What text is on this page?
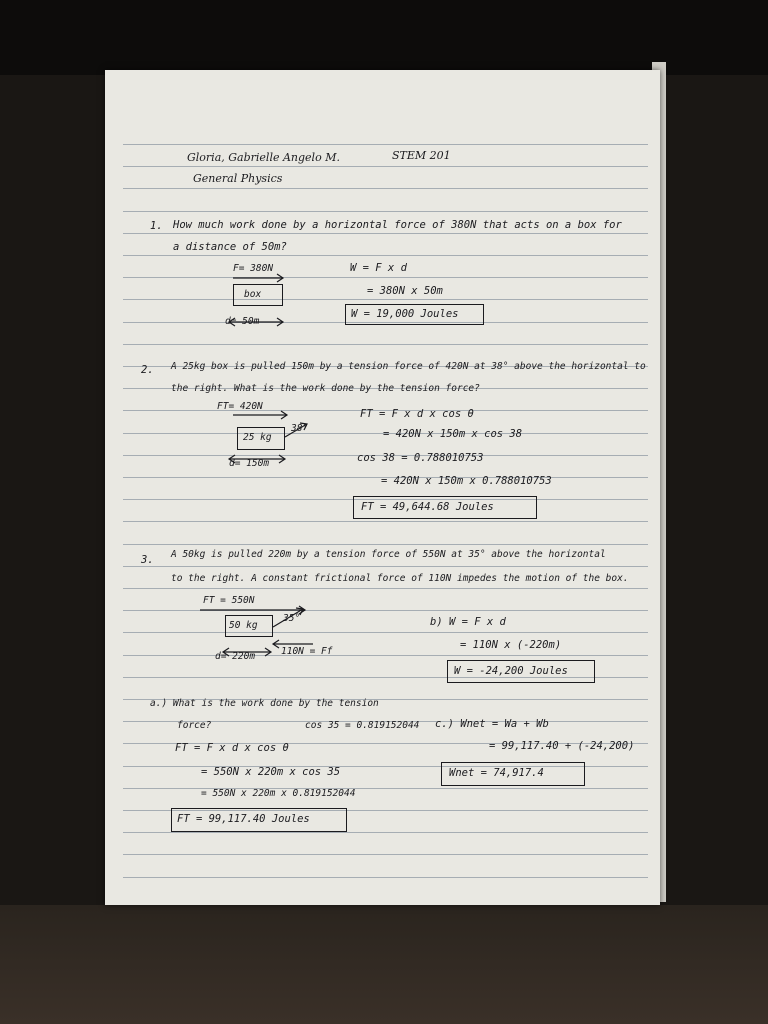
Gloria, Gabrielle Angelo M.	STEM 201
General Physics
1. How much work done by a horizontal force of 380N that acts on a box for
a distance of 50m?
F= 380N
box
d= 50m
W = F x d
= 380N x 50m
W = 19,000 Joules
2. A 25kg box is pulled 150m by a tension force of 420N at 38° above the horizontal to
the right. What is the work done by the tension force?
FT= 420N
25 kg
38°
d= 150m
FT = F x d x cos θ
= 420N x 150m x cos 38
cos 38 = 0.788010753
= 420N x 150m x 0.788010753
FT = 49,644.68 Joules
3. A 50kg is pulled 220m by a tension force of 550N at 35° above the horizontal
to the right. A constant frictional force of 110N impedes the motion of the box.
FT = 550N
50 kg
35°
110N = Ff
d= 220m
b) W = F x d
= 110N x (-220m)
W = -24,200 Joules
a.) What is the work done by the tension
force?	cos 35 = 0.819152044
FT = F x d x cos θ
= 550N x 220m x cos 35
= 550N x 220m x 0.819152044
FT = 99,117.40 Joules
c.) Wnet = Wa + Wb
= 99,117.40 + (-24,200)
Wnet = 74,917.4
